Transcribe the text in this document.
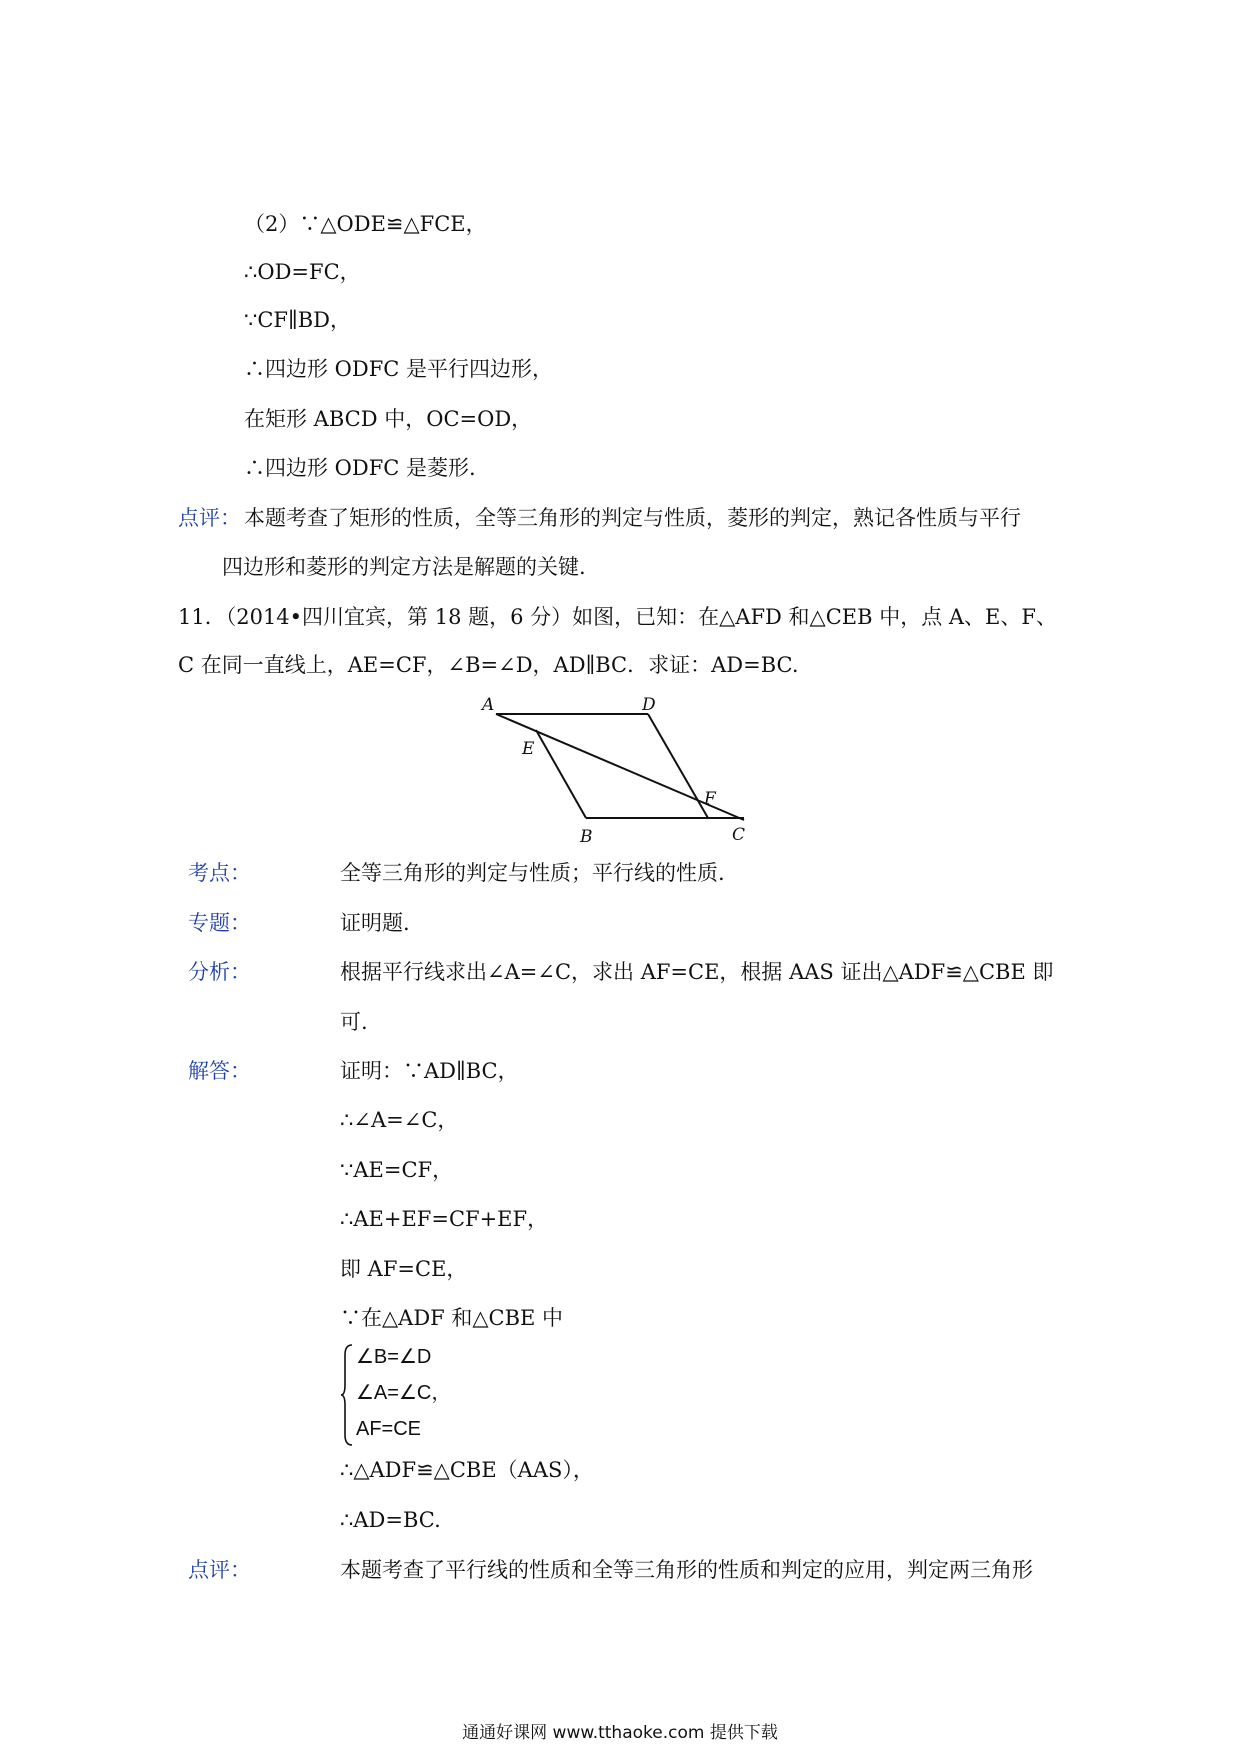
（2）∵△ODE≌△FCE，
∴OD=FC，
∵CF∥BD，
∴四边形 ODFC 是平行四边形，
在矩形 ABCD 中，OC=OD，
∴四边形 ODFC 是菱形.
点评： 本题考查了矩形的性质，全等三角形的判定与性质，菱形的判定，熟记各性质与平行
四边形和菱形的判定方法是解题的关键.
11．（2014•四川宜宾，第 18 题，6 分）如图，已知：在△AFD 和△CEB 中，点 A、E、F、
C 在同一直线上，AE=CF，∠B=∠D，AD∥BC．求证：AD=BC.
A	D
E
F
B	C
考点：	全等三角形的判定与性质；平行线的性质.
专题：	证明题.
分析：	根据平行线求出∠A=∠C，求出 AF=CE，根据 AAS 证出△ADF≌△CBE 即
可.
解答：	证明：∵AD∥BC，
∴∠A=∠C，
∵AE=CF，
∴AE+EF=CF+EF，
即 AF=CE，
∵在△ADF 和△CBE 中
∠B=∠D
∠A=∠C，
AF=CE
∴△ADF≌△CBE（AAS），
∴AD=BC.
点评：	本题考查了平行线的性质和全等三角形的性质和判定的应用，判定两三角形
通通好课网 www.tthaoke.com 提供下载
